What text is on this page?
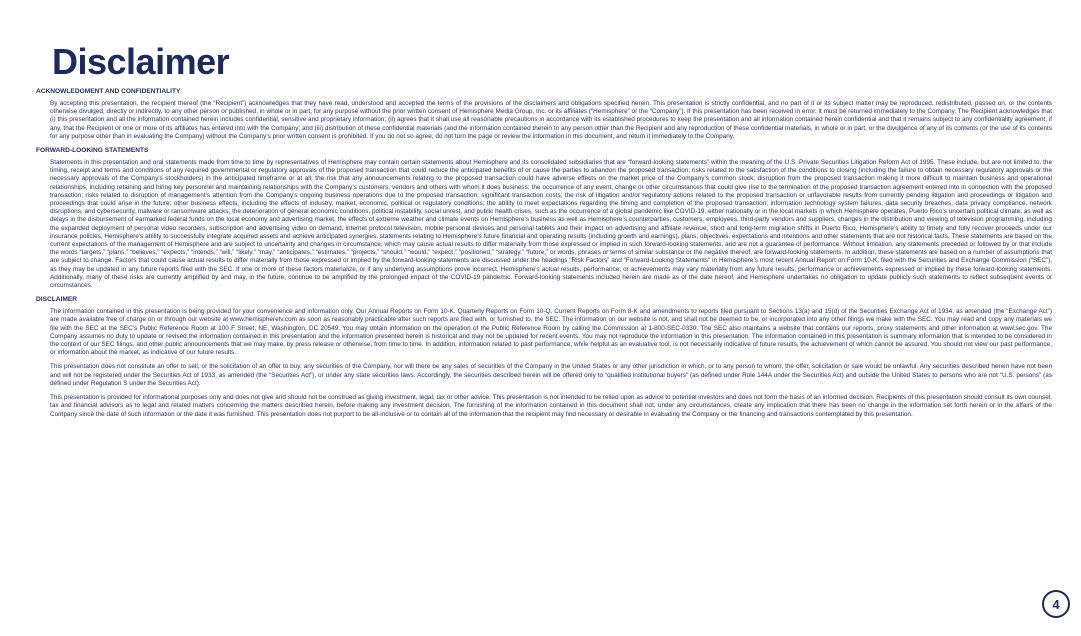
Disclaimer
ACKNOWLEDGMENT AND CONFIDENTIALITY

By accepting this presentation, the recipient thereof (the “Recipient”) acknowledges that they have read, understood and accepted the terms of the provisions of the disclaimers and obligations specified herein. This presentation is strictly confidential, and no part of it or its subject matter may be reproduced, redistributed, passed on, or the contents otherwise divulged, directly or indirectly, to any other person or published, in whole or in part, for any purpose without the prior written consent of Hemisphere Media Group, Inc. or its affiliates (“Hemisphere” or the “Company”). If this presentation has been received in error, it must be returned immediately to the Company. The Recipient acknowledges that (i) this presentation and all the information contained herein includes confidential, sensitive and proprietary information; (ii) agrees that it shall use all reasonable precautions in accordance with its established procedures to keep the presentation and all information contained herein confidential and that it remains subject to any confidentiality agreement, if any, that the Recipient or one or more of its affiliates has entered into with the Company; and (iii) distribution of these confidential materials (and the information contained therein to any person other than the Recipient and any reproduction of these confidential materials, in whole or in part, or the divulgence of any of its contents (or the use of its contents for any purpose other than in evaluating the Company) without the Company’s prior written consent is prohibited. If you do not so agree, do not turn the page or review the information in this document, and return it immediately to the Company.

FORWARD-LOOKING STATEMENTS

Statements in this presentation and oral statements made from time to time by representatives of Hemisphere may contain certain statements about Hemisphere and its consolidated subsidiaries that are “forward-looking statements” within the meaning of the U.S. Private Securities Litigation Reform Act of 1995. These include, but are not limited to, the timing, receipt and terms and conditions of any required governmental or regulatory approvals of the proposed transaction that could reduce the anticipated benefits of or cause the parties to abandon the proposed transaction; risks related to the satisfaction of the conditions to closing (including the failure to obtain necessary regulatory approvals or the necessary approvals of the Company’s stockholders) in the anticipated timeframe or at all; the risk that any announcements relating to the proposed transaction could have adverse effects on the market price of the Company’s common stock; disruption from the proposed transaction making it more difficult to maintain business and operational relationships, including retaining and hiring key personnel and maintaining relationships with the Company’s customers, vendors and others with whom it does business; the occurrence of any event, change or other circumstances that could give rise to the termination of the proposed transaction agreement entered into in connection with the proposed transaction; risks related to disruption of management’s attention from the Company’s ongoing business operations due to the proposed transaction; significant transaction costs; the risk of litigation and/or regulatory actions related to the proposed transaction or unfavorable results from currently pending litigation and proceedings or litigation and proceedings that could arise in the future; other business effects, including the effects of industry, market, economic, political or regulatory conditions; the ability to meet expectations regarding the timing and completion of the proposed transaction; information technology system failures, data security breaches, data privacy compliance, network disruptions, and cybersecurity, malware or ransomware attacks; the deterioration of general economic conditions, political instability, social unrest, and public health crises, such as the occurrence of a global pandemic like COVID-19, either nationally or in the local markets in which Hemisphere operates, Puerto Rico’s uncertain political climate, as well as delays in the disbursement of earmarked federal funds on the local economy and advertising market, the effects of extreme weather and climate events on Hemisphere’s business as well as Hemisphere’s counterparties, customers, employees, third-party vendors and suppliers, changes in the distribution and viewing of television programming, including the expanded deployment of personal video recorders, subscription and advertising video on demand, internet protocol television, mobile personal devices and personal tablets and their impact on advertising and affiliate revenue, short and long-term migration shifts in Puerto Rico, Hemisphere’s ability to timely and fully recover proceeds under our insurance policies, Hemisphere’s ability to successfully integrate acquired assets and achieve anticipated synergies, statements relating to Hemisphere’s future financial and operating results (including growth and earnings), plans, objectives, expectations and intentions and other statements that are not historical facts. These statements are based on the current expectations of the management of Hemisphere and are subject to uncertainty and changes in circumstance, which may cause actual results to differ materially from those expressed or implied in such forward-looking statements, and are not a guarantee of performance. Without limitation, any statements preceded or followed by or that include the words “targets,” “plans,” “believes,” “expects,” “intends,” “will,” “likely,” “may,” “anticipates,” “estimates,” “projects,” “should,” “would,” “expect,” “positioned,” “strategy,” “future,” or words, phrases or terms of similar substance or the negative thereof, are forward-looking statements. In addition, these statements are based on a number of assumptions that are subject to change. Factors that could cause actual results to differ materially from those expressed or implied by the forward-looking statements are discussed under the headings “Risk Factors” and “Forward-Looking Statements” in Hemisphere’s most recent Annual Report on Form 10-K, filed with the Securities and Exchange Commission (“SEC”), as they may be updated in any future reports filed with the SEC. If one or more of these factors materialize, or if any underlying assumptions prove incorrect, Hemisphere’s actual results, performance, or achievements may vary materially from any future results, performance or achievements expressed or implied by these forward-looking statements. Additionally, many of these risks are currently amplified by and may, in the future, continue to be amplified by the prolonged impact of the COVID-19 pandemic. Forward-looking statements included herein are made as of the date hereof, and Hemisphere undertakes no obligation to update publicly such statements to reflect subsequent events or circumstances.

DISCLAIMER

The information contained in this presentation is being provided for your convenience and information only. Our Annual Reports on Form 10-K, Quarterly Reports on Form 10-Q, Current Reports on Form 8-K and amendments to reports filed pursuant to Sections 13(a) and 15(d) of the Securities Exchange Act of 1934, as amended (the “Exchange Act”) are made available free of charge on or through our website at www.hemispheretv.com as soon as reasonably practicable after such reports are filed with, or furnished to, the SEC. The information on our website is not, and shall not be deemed to be, or incorporated into any other filings we make with the SEC. You may read and copy any materials we file with the SEC at the SEC’s Public Reference Room at 100 F Street, NE, Washington, DC 20549. You may obtain information on the operation of the Public Reference Room by calling the Commission at 1-800-SEC-0330. The SEC also maintains a website that contains our reports, proxy statements and other information at www.sec.gov. The Company assumes no duty to update or revised the information contained in this presentation and the information presented herein is historical and may not be updated for recent events. You may not reproduce the information in this presentation. The information contained in this presentation is summary information that is intended to be considered in the context of our SEC filings, and other public announcements that we may make, by press release or otherwise, from time to time. In addition, information related to past performance, while helpful as an evaluative tool, is not necessarily indicative of future results, the achievement of which cannot be assured. You should not view our past performance, or information about the market, as indicative of our future results.

This presentation does not constitute an offer to sell, or the solicitation of an offer to buy, any securities of the Company, nor will there be any sales of securities of the Company in the United States or any other jurisdiction in which, or to any person to whom, the offer, solicitation or sale would be unlawful. Any securities described herein have not been and will not be registered under the Securities Act of 1933, as amended (the “Securities Act”), or under any state securities laws. Accordingly, the securities described herein will be offered only to “qualified institutional buyers” (as defined under Rule 144A under the Securities Act) and outside the United States to persons who are not “U.S. persons” (as defined under Regulation S under the Securities Act).

This presentation is provided for informational purposes only and does not give and should not be construed as giving investment, legal, tax or other advice. This presentation is not intended to be relied upon as advice to potential investors and does not form the basis of an informed decision. Recipients of this presentation should consult its own counsel, tax and financial advisors as to legal and related matters concerning the matters described herein, before making any investment decision. The furnishing of the information contained in this document shall not, under any circumstances, create any implication that there has been no change in the information set forth herein or in the affairs of the Company since the date of such information or the date it was furnished. This presentation does not purport to be all-inclusive or to contain all of the information that the recipient may find necessary or desirable in evaluating the Company or the financing and transactions contemplated by this presentation.

4
